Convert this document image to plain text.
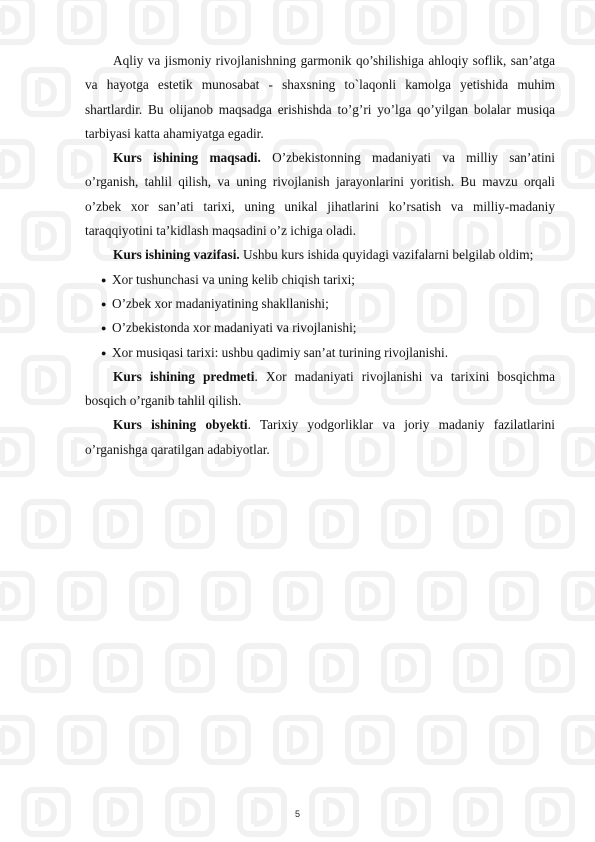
Aqliy va jismoniy rivojlanishning garmonik qo’shilishiga ahloqiy soflik, san’atga va hayotga estetik munosabat - shaxsning to`laqonli kamolga yetishida muhim shartlardir. Bu olijanob maqsadga erishishda to’g’ri yo’lga qo’yilgan bolalar musiqa tarbiyasi katta ahamiyatga egadir.

Kurs ishining maqsadi. O’zbekistonning madaniyati va milliy san’atini o’rganish, tahlil qilish, va uning rivojlanish jarayonlarini yoritish. Bu mavzu orqali o’zbek xor san’ati tarixi, uning unikal jihatlarini ko’rsatish va milliy-madaniy taraqqiyotini ta’kidlash maqsadini o’z ichiga oladi.

Kurs ishining vazifasi. Ushbu kurs ishida quyidagi vazifalarni belgilab oldim;

● Xor tushunchasi va uning kelib chiqish tarixi;
● O’zbek xor madaniyatining shakllanishi;
● O’zbekistonda xor madaniyati va rivojlanishi;
● Xor musiqasi tarixi: ushbu qadimiy san’at turining rivojlanishi.

Kurs ishining predmeti. Xor madaniyati rivojlanishi va tarixini bosqichma bosqich o’rganib tahlil qilish.

Kurs ishining obyekti. Tarixiy yodgorliklar va joriy madaniy fazilatlarini o’rganishga qaratilgan adabiyotlar.

5
